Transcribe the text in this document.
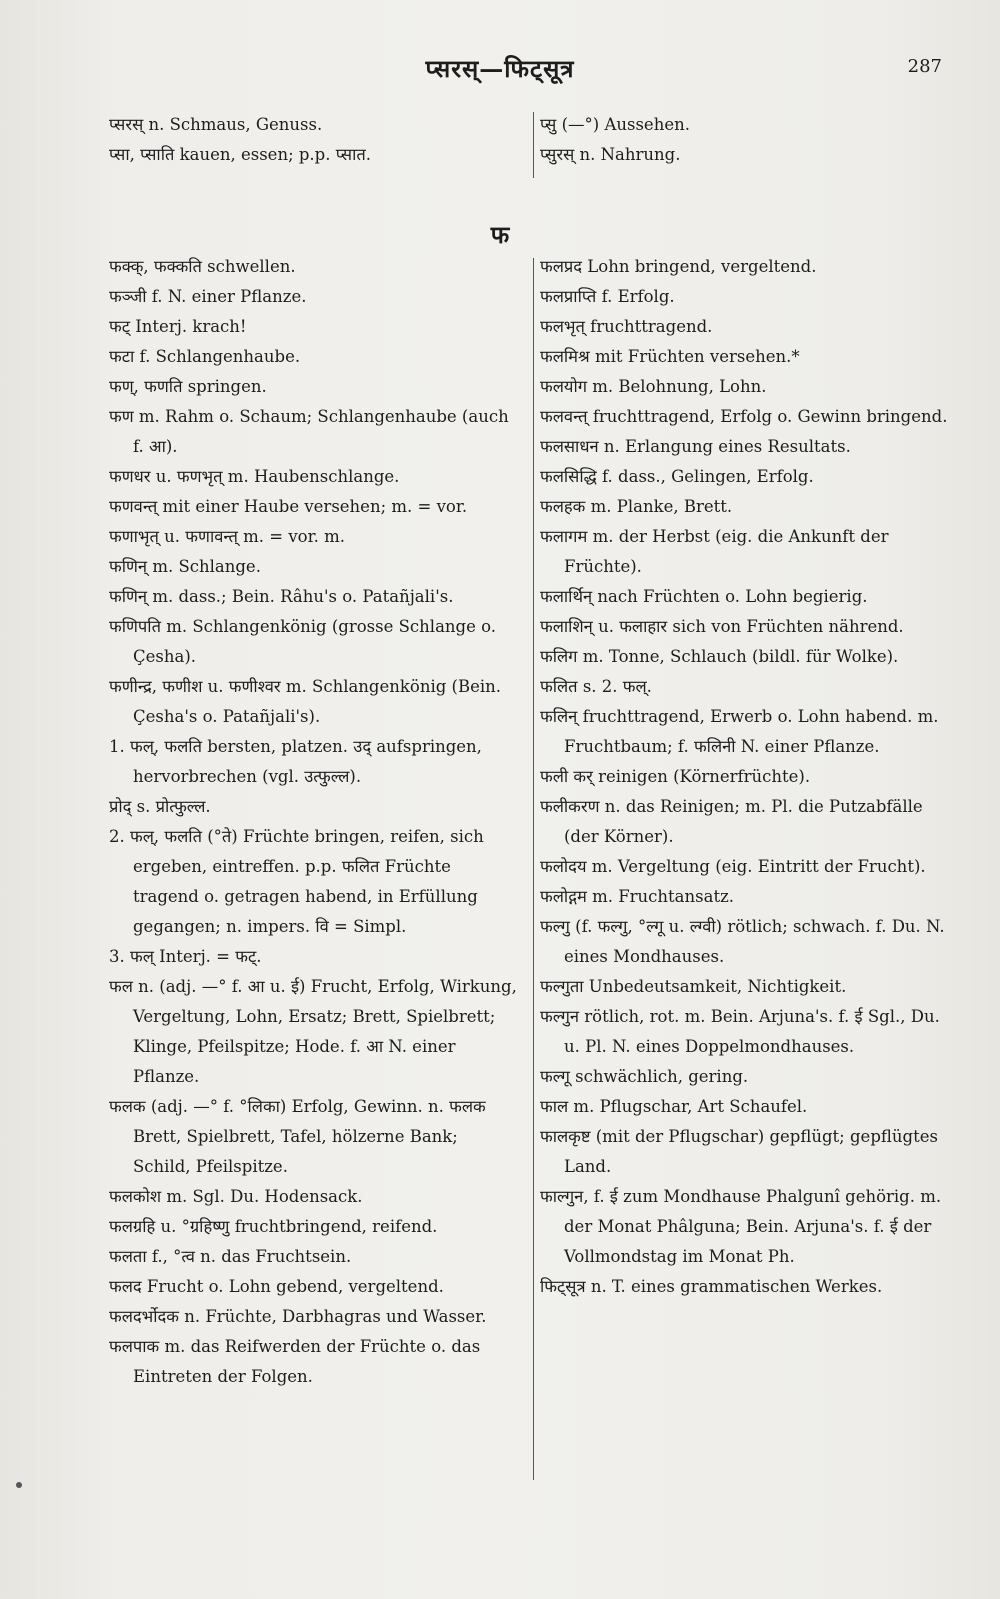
प्सरस्—फिट्सूत्र	287
फ

प्सरस् n. Schmaus, Genuss.

प्सा, प्साति kauen, essen; p.p. प्सात.

फक्क्, फक्कति schwellen.

फञ्जी f. N. einer Pflanze.

फट् Interj. krach!

फटा f. Schlangenhaube.

फण्, फणति springen.

फण m. Rahm o. Schaum; Schlangenhaube (auch f. आ).

फणधर u. फणभृत् m. Haubenschlange.

फणवन्त् mit einer Haube versehen; m. = vor.

फणाभृत् u. फणावन्त् m. = vor. m.

फणिन् m. Schlange.

फणिन् m. dass.; Bein. Râhu's o. Patañjali's.

फणिपति m. Schlangenkönig (grosse Schlange o. Çesha).

फणीन्द्र, फणीश u. फणीश्वर m. Schlangenkönig (Bein. Çesha's o. Patañjali's).

1. फल्, फलति bersten, platzen. उद् aufspringen, hervorbrechen (vgl. उत्फुल्ल).

प्रोद् s. प्रोत्फुल्ल.

2. फल्, फलति (°ते) Früchte bringen, reifen, sich ergeben, eintreffen. p.p. फलित Früchte tragend o. getragen habend, in Erfüllung gegangen; n. impers. वि = Simpl.

3. फल् Interj. = फट्.

फल n. (adj. —° f. आ u. ई) Frucht, Erfolg, Wirkung, Vergeltung, Lohn, Ersatz; Brett, Spielbrett; Klinge, Pfeilspitze; Hode. f. आ N. einer Pflanze.

फलक (adj. —° f. °लिका) Erfolg, Gewinn. n. फलक Brett, Spielbrett, Tafel, hölzerne Bank; Schild, Pfeilspitze.

फलकोश m. Sgl. Du. Hodensack.

फलग्रहि u. °ग्रहिष्णु fruchtbringend, reifend.

फलता f., °त्व n. das Fruchtsein.

फलद Frucht o. Lohn gebend, vergeltend.

फलदर्भोदक n. Früchte, Darbhagras und Wasser.

फलपाक m. das Reifwerden der Früchte o. das Eintreten der Folgen.

प्सु (—°) Aussehen.

प्सुरस् n. Nahrung.

फलप्रद Lohn bringend, vergeltend.

फलप्राप्ति f. Erfolg.

फलभृत् fruchttragend.

फलमिश्र mit Früchten versehen.*

फलयोग m. Belohnung, Lohn.

फलवन्त् fruchttragend, Erfolg o. Gewinn bringend.

फलसाधन n. Erlangung eines Resultats.

फलसिद्धि f. dass., Gelingen, Erfolg.

फलहक m. Planke, Brett.

फलागम m. der Herbst (eig. die Ankunft der Früchte).

फलार्थिन् nach Früchten o. Lohn begierig.

फलाशिन् u. फलाहार sich von Früchten nährend.

फलिग m. Tonne, Schlauch (bildl. für Wolke).

फलित s. 2. फल्.

फलिन् fruchttragend, Erwerb o. Lohn habend. m. Fruchtbaum; f. फलिनी N. einer Pflanze.

फली कर् reinigen (Körnerfrüchte).

फलीकरण n. das Reinigen; m. Pl. die Putzabfälle (der Körner).

फलोदय m. Vergeltung (eig. Eintritt der Frucht).

फलोद्गम m. Fruchtansatz.

फल्गु (f. फल्गु, °ल्गू u. ल्ग्वी) rötlich; schwach. f. Du. N. eines Mondhauses.

फल्गुता Unbedeutsamkeit, Nichtigkeit.

फल्गुन rötlich, rot. m. Bein. Arjuna's. f. ई Sgl., Du. u. Pl. N. eines Doppelmondhauses.

फल्गू schwächlich, gering.

फाल m. Pflugschar, Art Schaufel.

फालकृष्ट (mit der Pflugschar) gepflügt; gepflügtes Land.

फाल्गुन, f. ई zum Mondhause Phalgunî gehörig. m. der Monat Phâlguna; Bein. Arjuna's. f. ई der Vollmondstag im Monat Ph.

फिट्सूत्र n. T. eines grammatischen Werkes.
